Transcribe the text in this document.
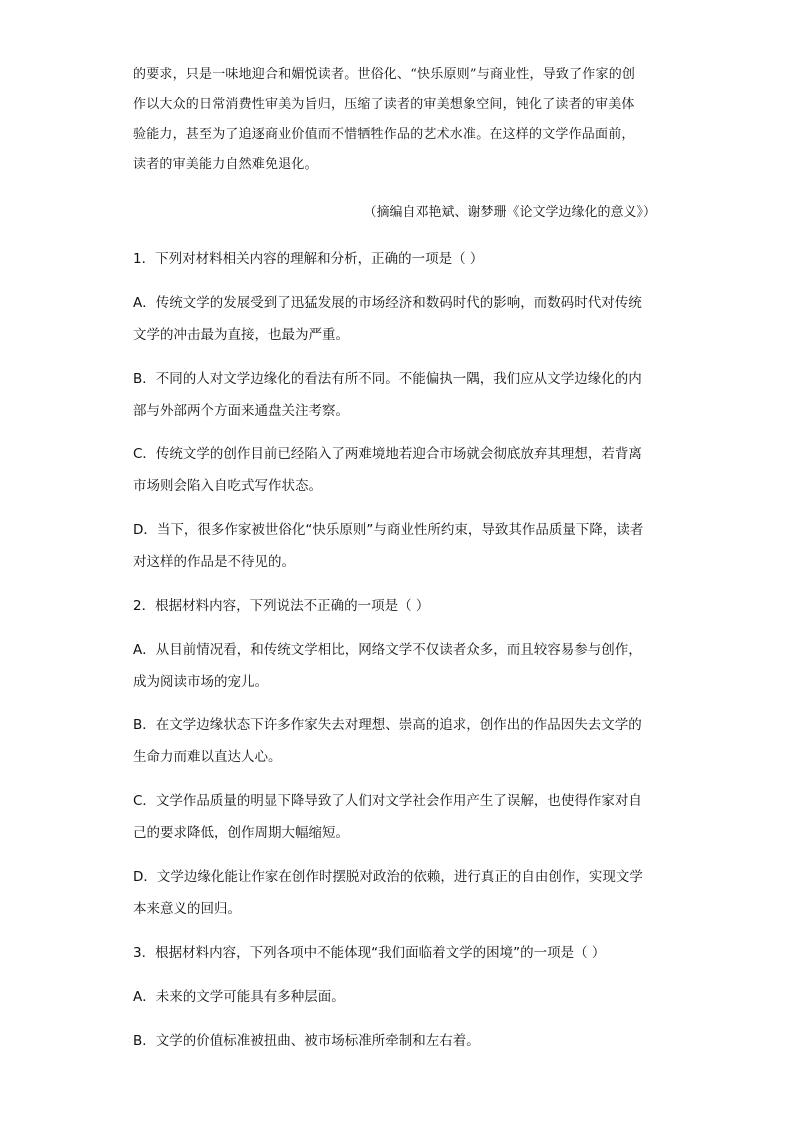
的要求，只是一味地迎合和媚悦读者。世俗化、“快乐原则”与商业性，导致了作家的创
作以大众的日常消费性审美为旨归，压缩了读者的审美想象空间，钝化了读者的审美体
验能力，甚至为了追逐商业价值而不惜牺牲作品的艺术水准。在这样的文学作品面前，
读者的审美能力自然难免退化。
（摘编自邓艳斌、谢梦珊《论文学边缘化的意义》）
1．下列对材料相关内容的理解和分析，正确的一项是（ ）
A．传统文学的发展受到了迅猛发展的市场经济和数码时代的影响，而数码时代对传统
文学的冲击最为直接，也最为严重。
B．不同的人对文学边缘化的看法有所不同。不能偏执一隅，我们应从文学边缘化的内
部与外部两个方面来通盘关注考察。
C．传统文学的创作目前已经陷入了两难境地若迎合市场就会彻底放弃其理想，若背离
市场则会陷入自吃式写作状态。
D．当下，很多作家被世俗化“快乐原则”与商业性所约束，导致其作品质量下降，读者
对这样的作品是不待见的。
2．根据材料内容，下列说法不正确的一项是（ ）
A．从目前情况看，和传统文学相比，网络文学不仅读者众多，而且较容易参与创作，
成为阅读市场的宠儿。
B．在文学边缘状态下许多作家失去对理想、崇高的追求，创作出的作品因失去文学的
生命力而难以直达人心。
C．文学作品质量的明显下降导致了人们对文学社会作用产生了误解，也使得作家对自
己的要求降低，创作周期大幅缩短。
D．文学边缘化能让作家在创作时摆脱对政治的依赖，进行真正的自由创作，实现文学
本来意义的回归。
3．根据材料内容，下列各项中不能体现“我们面临着文学的困境”的一项是（ ）
A．未来的文学可能具有多种层面。
B．文学的价值标准被扭曲、被市场标准所牵制和左右着。
